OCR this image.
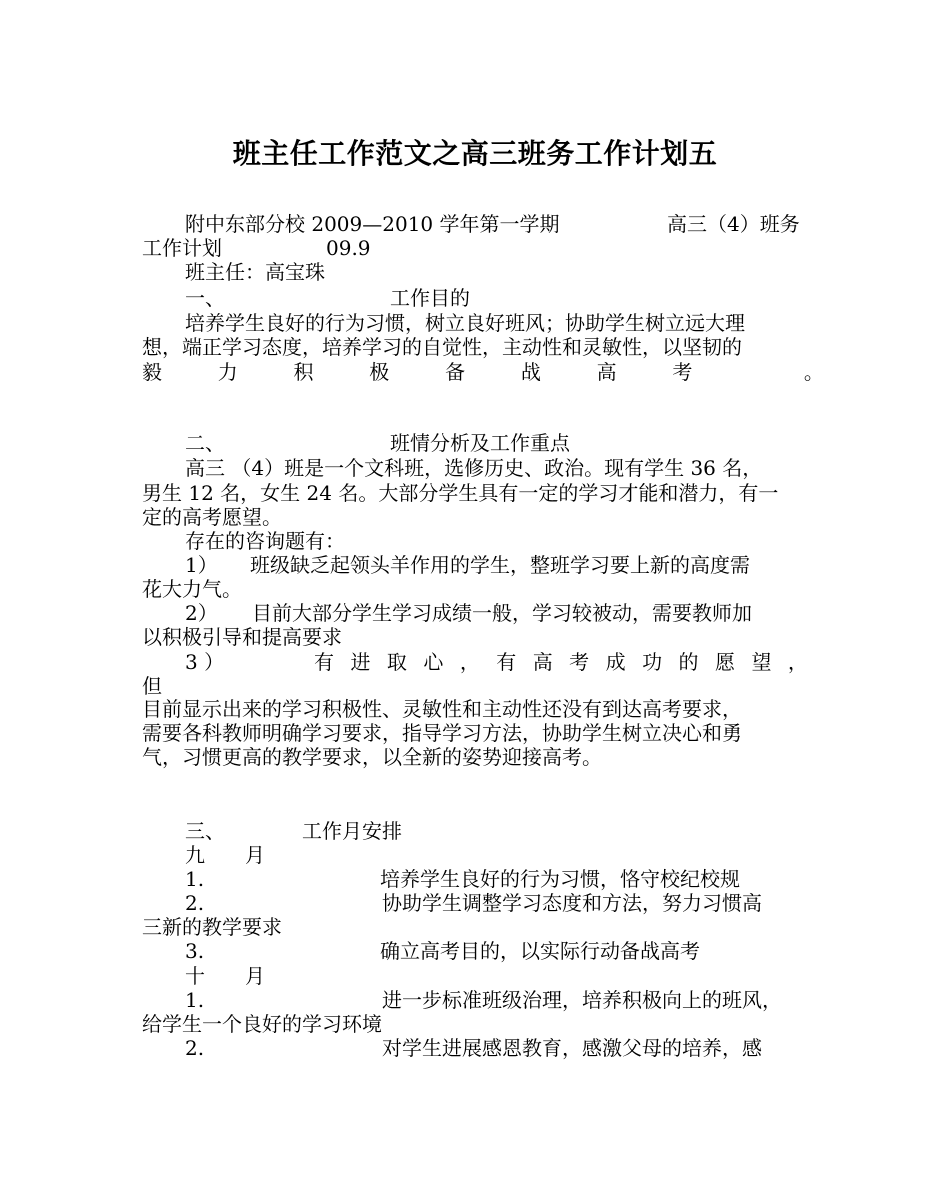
班主任工作范文之高三班务工作计划五
附中东部分校 2009—2010 学年第一学期	高三（4）班务
工作计划	09.9
班主任：高宝珠
一、	工作目的
培养学生良好的行为习惯，树立良好班风；协助学生树立远大理
想，端正学习态度，培养学习的自觉性，主动性和灵敏性，以坚韧的
毅	力	积	极	备	战	高	考	。
二、	班情分析及工作重点
高三 （4）班是一个文科班，选修历史、政治。现有学生 36 名，
男生 12 名，女生 24 名。大部分学生具有一定的学习才能和潜力，有一
定的高考愿望。
存在的咨询题有：
1） 班级缺乏起领头羊作用的学生，整班学习要上新的高度需
花大力气。
2） 目前大部分学生学习成绩一般，学习较被动，需要教师加
以积极引导和提高要求
3 ）	有 进 取 心 ， 有 高 考 成 功 的 愿 望 ，
但
目前显示出来的学习积极性、灵敏性和主动性还没有到达高考要求，
需要各科教师明确学习要求，指导学习方法，协助学生树立决心和勇
气，习惯更高的教学要求，以全新的姿势迎接高考。
三、	工作月安排
九　　月
1.	培养学生良好的行为习惯，恪守校纪校规
2.	协助学生调整学习态度和方法，努力习惯高
三新的教学要求
3.	确立高考目的，以实际行动备战高考
十　　月
1.	进一步标准班级治理，培养积极向上的班风，
给学生一个良好的学习环境
2.	对学生进展感恩教育，感激父母的培养，感
